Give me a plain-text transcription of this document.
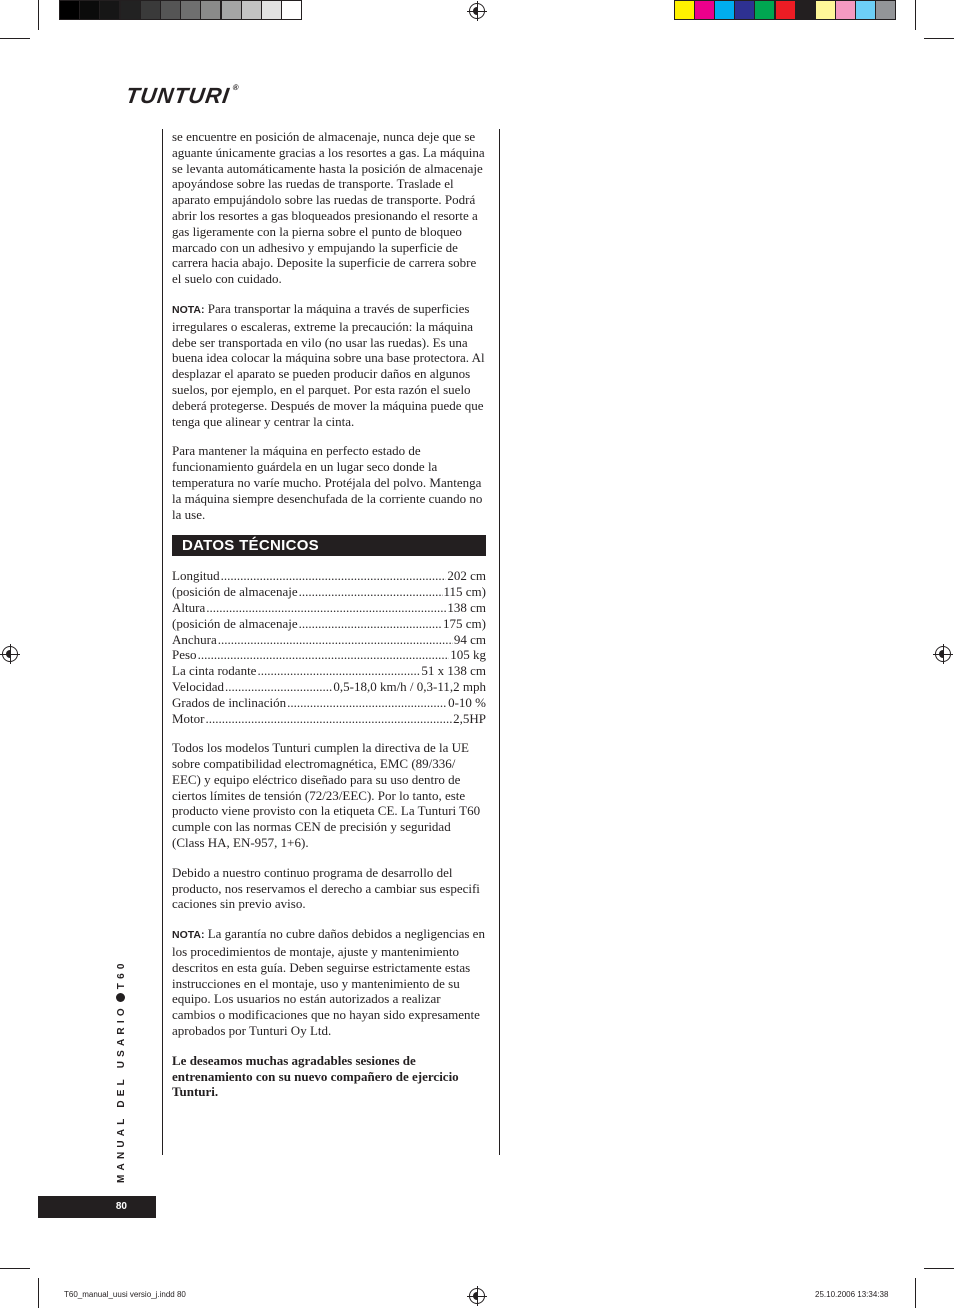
TUNTURI®

se encuentre en posición de almacenaje, nunca deje que se aguante únicamente gracias a los resortes a gas. La máquina se levanta automáticamente hasta la posición de almacenaje apoyándose sobre las ruedas de transporte. Traslade el aparato empujándolo sobre las ruedas de transporte. Podrá abrir los resortes a gas bloqueados presionando el resorte a gas ligeramente con la pierna sobre el punto de bloqueo marcado con un adhesivo y empujando la superficie de carrera hacia abajo. Deposite la superficie de carrera sobre el suelo con cuidado.

NOTA: Para transportar la máquina a través de superficies irregulares o escaleras, extreme la precaución: la máquina debe ser transportada en vilo (no usar las ruedas). Es una buena idea colocar la máquina sobre una base protectora. Al desplazar el aparato se pueden producir daños en algunos suelos, por ejemplo, en el parquet. Por esta razón el suelo deberá protegerse. Después de mover la máquina puede que tenga que alinear y centrar la cinta.

Para mantener la máquina en perfecto estado de funcionamiento guárdela en un lugar seco donde la temperatura no varíe mucho. Protéjala del polvo. Mantenga la máquina siempre desenchufada de la corriente cuando no la use.

DATOS TÉCNICOS
Longitud .....	202 cm
(posición de almacenaje .....	115 cm)
Altura .....	138 cm
(posición de almacenaje .....	175 cm)
Anchura .....	94 cm
Peso .....	105 kg
La cinta rodante .....	51 x 138 cm
Velocidad .....	0,5-18,0 km/h / 0,3-11,2 mph
Grados de inclinación .....	0-10 %
Motor .....	2,5HP

Todos los modelos Tunturi cumplen la directiva de la UE sobre compatibilidad electromagnética, EMC (89/336/ EEC) y equipo eléctrico diseñado para su uso dentro de ciertos límites de tensión (72/23/EEC). Por lo tanto, este producto viene provisto con la etiqueta CE. La Tunturi T60 cumple con las normas CEN de precisión y seguridad (Class HA, EN-957, 1+6).

Debido a nuestro continuo programa de desarrollo del producto, nos reservamos el derecho a cambiar sus especifi caciones sin previo aviso.

NOTA: La garantía no cubre daños debidos a negligencias en los procedimientos de montaje, ajuste y mantenimiento descritos en esta guía. Deben seguirse estrictamente estas instrucciones en el montaje, uso y mantenimiento de su equipo. Los usuarios no están autorizados a realizar cambios o modificaciones que no hayan sido expresamente aprobados por Tunturi Oy Ltd.

Le deseamos muchas agradables sesiones de entrenamiento con su nuevo compañero de ejercicio Tunturi.

MANUAL DEL USARIOT60
80
T60_manual_uusi versio_j.indd 80	25.10.2006 13:34:38
